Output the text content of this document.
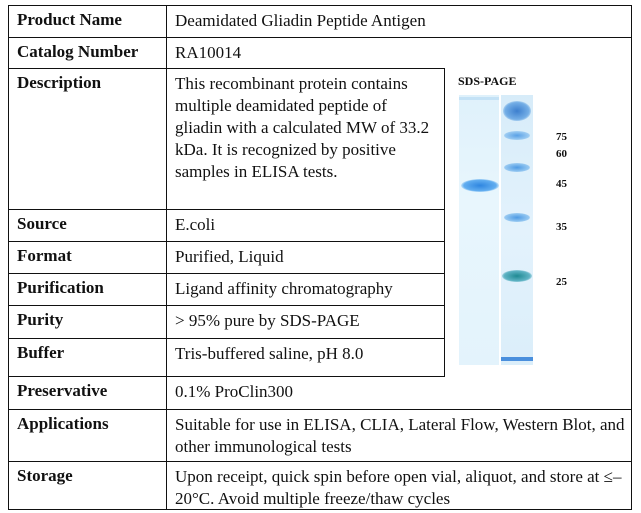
Product Name	Deamidated Gliadin Peptide Antigen
Catalog Number	RA10014
Description	This recombinant protein contains multiple deamidated peptide of gliadin with a calculated MW of 33.2 kDa. It is recognized by positive samples in ELISA tests.
Source	E.coli
Format	Purified, Liquid
Purification	Ligand affinity chromatography
Purity	> 95% pure by SDS-PAGE
Buffer	Tris-buffered saline, pH 8.0
Preservative	0.1% ProClin300
Applications	Suitable for use in ELISA, CLIA, Lateral Flow, Western Blot, and other immunological tests
Storage	Upon receipt, quick spin before open vial, aliquot, and store at ≤–20°C. Avoid multiple freeze/thaw cycles
SDS-PAGE
75
60
45
35
25
